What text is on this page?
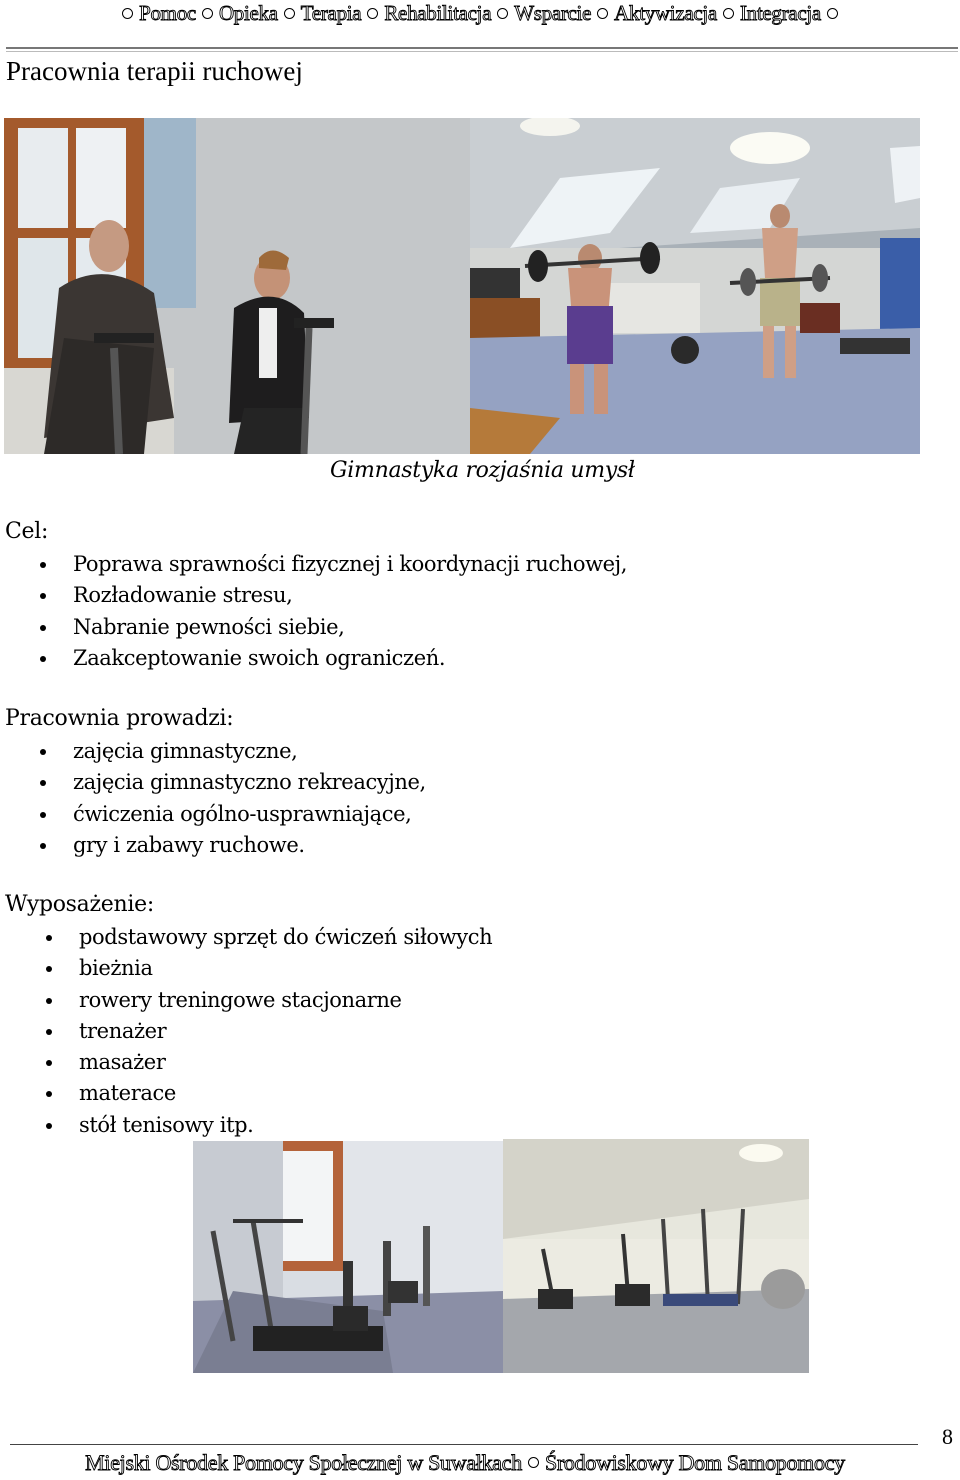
Pomoc Opieka Terapia Rehabilitacja Wsparcie Aktywizacja Integracja
Pracownia terapii ruchowej
Gimnastyka rozjaśnia umysł
Cel:
Poprawa sprawności fizycznej i koordynacji ruchowej,
Rozładowanie stresu,
Nabranie pewności siebie,
Zaakceptowanie swoich ograniczeń.
Pracownia prowadzi:
zajęcia gimnastyczne,
zajęcia gimnastyczno rekreacyjne,
ćwiczenia ogólno-usprawniające,
gry i zabawy ruchowe.
Wyposażenie:
podstawowy sprzęt do ćwiczeń siłowych
bieżnia
rowery treningowe stacjonarne
trenażer
masażer
materace
stół tenisowy itp.
8
Miejski Ośrodek Pomocy Społecznej w Suwałkach Środowiskowy Dom Samopomocy
